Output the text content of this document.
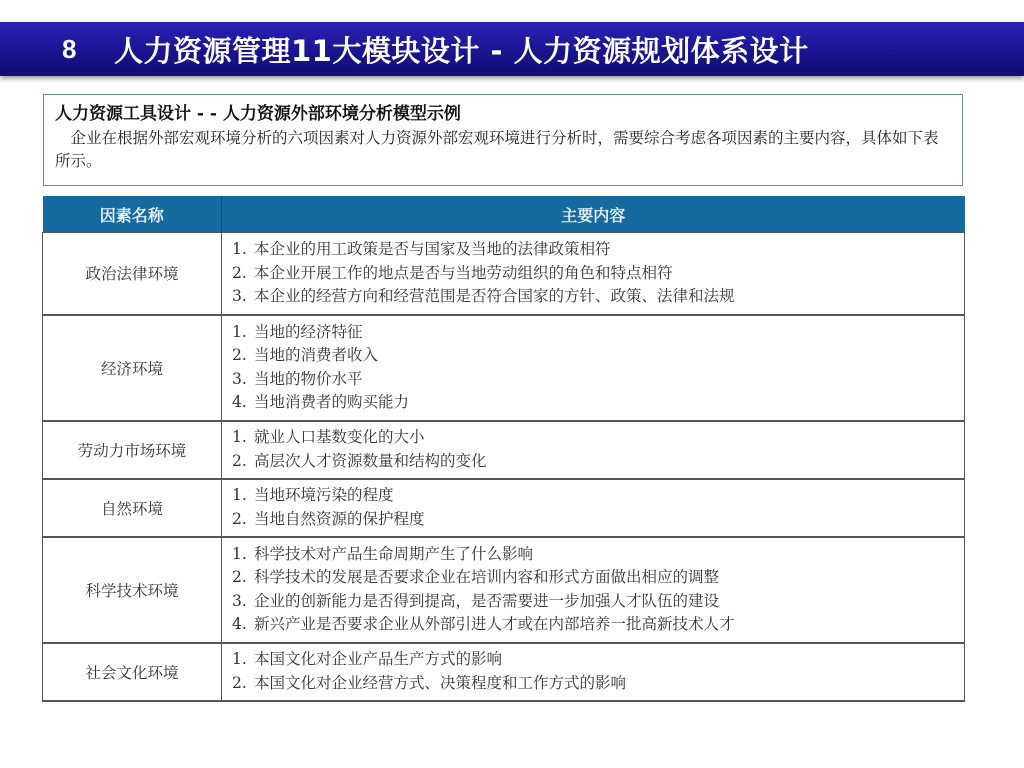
8	人力资源管理11大模块设计 - 人力资源规划体系设计
人力资源工具设计 - - 人力资源外部环境分析模型示例
企业在根据外部宏观环境分析的六项因素对人力资源外部宏观环境进行分析时，需要综合考虑各项因素的主要内容，具体如下表所示。
因素名称	主要内容
政治法律环境	1. 本企业的用工政策是否与国家及当地的法律政策相符
2. 本企业开展工作的地点是否与当地劳动组织的角色和特点相符
3. 本企业的经营方向和经营范围是否符合国家的方针、政策、法律和法规

经济环境	1. 当地的经济特征
2. 当地的消费者收入
3. 当地的物价水平
4. 当地消费者的购买能力

劳动力市场环境	1. 就业人口基数变化的大小
2. 高层次人才资源数量和结构的变化

自然环境	1. 当地环境污染的程度
2. 当地自然资源的保护程度

科学技术环境	1. 科学技术对产品生命周期产生了什么影响
2. 科学技术的发展是否要求企业在培训内容和形式方面做出相应的调整
3. 企业的创新能力是否得到提高，是否需要进一步加强人才队伍的建设
4. 新兴产业是否要求企业从外部引进人才或在内部培养一批高新技术人才

社会文化环境	1. 本国文化对企业产品生产方式的影响
2. 本国文化对企业经营方式、决策程度和工作方式的影响
